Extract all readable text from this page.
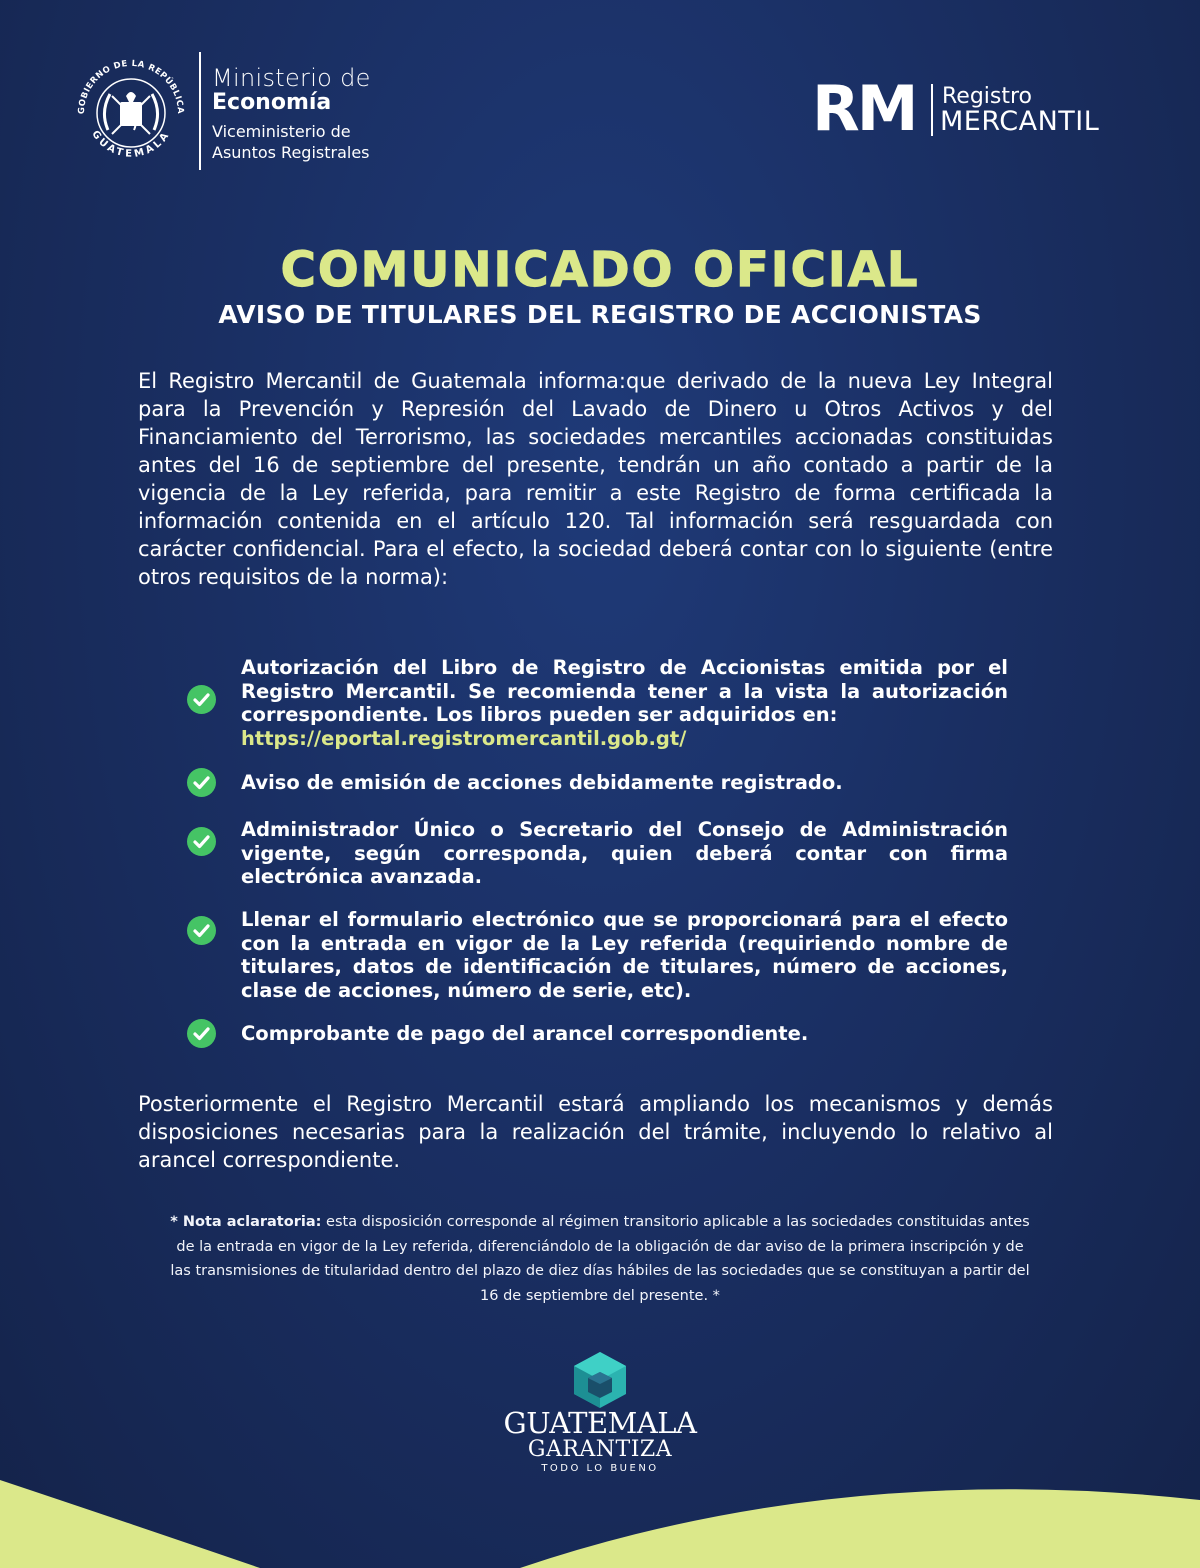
GOBIERNO DE LA REPÚBLICA
GUATEMALA
Ministerio de
Economía
Viceministerio de
Asuntos Registrales
RM Registro
MERCANTIL
COMUNICADO OFICIAL
AVISO DE TITULARES DEL REGISTRO DE ACCIONISTAS
El Registro Mercantil de Guatemala informa:que derivado de la nueva Ley Integral para la Prevención y Represión del Lavado de Dinero u Otros Activos y del Financiamiento del Terrorismo, las sociedades mercantiles accionadas constituidas antes del 16 de septiembre del presente, tendrán un año contado a partir de la vigencia de la Ley referida, para remitir a este Registro de forma certificada la información contenida en el artículo 120. Tal información será resguardada con carácter confidencial. Para el efecto, la sociedad deberá contar con lo siguiente (entre otros requisitos de la norma):
Autorización del Libro de Registro de Accionistas emitida por el Registro Mercantil. Se recomienda tener a la vista la autorización correspondiente. Los libros pueden ser adquiridos en:
https://eportal.registromercantil.gob.gt/
Aviso de emisión de acciones debidamente registrado.
Administrador Único o Secretario del Consejo de Administración vigente, según corresponda, quien deberá contar con firma electrónica avanzada.
Llenar el formulario electrónico que se proporcionará para el efecto con la entrada en vigor de la Ley referida (requiriendo nombre de titulares, datos de identificación de titulares, número de acciones, clase de acciones, número de serie, etc).
Comprobante de pago del arancel correspondiente.
Posteriormente el Registro Mercantil estará ampliando los mecanismos y demás disposiciones necesarias para la realización del trámite, incluyendo lo relativo al arancel correspondiente.
* Nota aclaratoria: esta disposición corresponde al régimen transitorio aplicable a las sociedades constituidas antes de la entrada en vigor de la Ley referida, diferenciándolo de la obligación de dar aviso de la primera inscripción y de las transmisiones de titularidad dentro del plazo de diez días hábiles de las sociedades que se constituyan a partir del 16 de septiembre del presente. *
GUATEMALA
GARANTIZA
TODO LO BUENO
